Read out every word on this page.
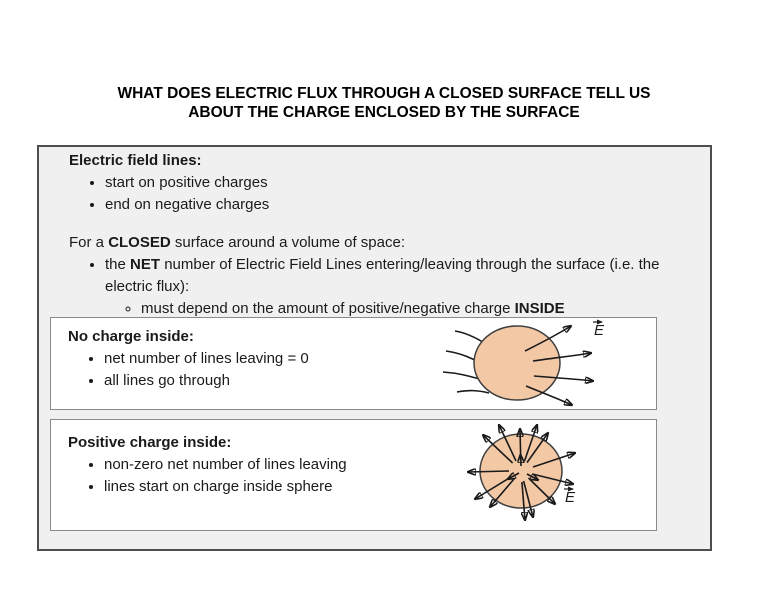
WHAT DOES ELECTRIC FLUX THROUGH A CLOSED SURFACE TELL US
ABOUT THE CHARGE ENCLOSED BY THE SURFACE

Electric field lines:

• start on positive charges
• end on negative charges

For a CLOSED surface around a volume of space:

• the NET number of Electric Field Lines entering/leaving through the surface (i.e. the electric flux):
◦ must depend on the amount of positive/negative charge INSIDE

No charge inside:

• net number of lines leaving = 0
• all lines go through
E

Positive charge inside:

• non-zero net number of lines leaving
• lines start on charge inside sphere
E
